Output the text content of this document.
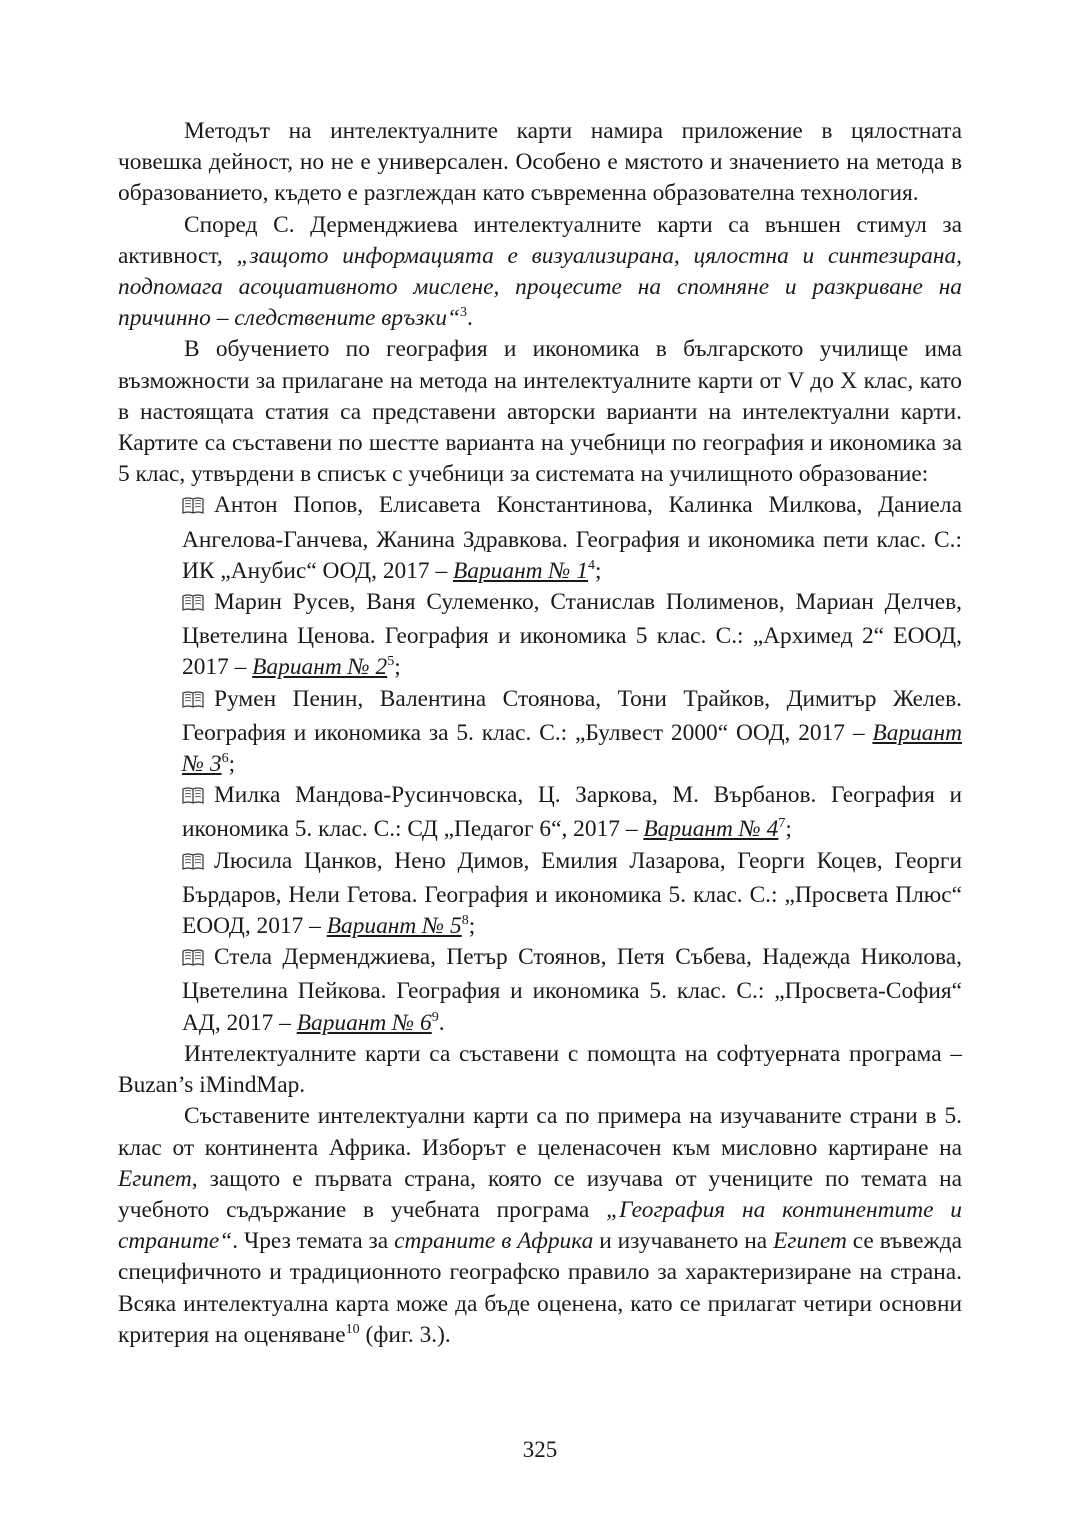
Методът на интелектуалните карти намира приложение в цялостната човешка дейност, но не е универсален. Особено е мястото и значението на метода в образованието, където е разглеждан като съвременна образователна технология.

Според С. Дерменджиева интелектуалните карти са външен стимул за активност, „защото информацията е визуализирана, цялостна и синтезирана, подпомага асоциативното мислене, процесите на спомняне и разкриване на причинно – следствените връзки“$^3$.

В обучението по география и икономика в българското училище има възможности за прилагане на метода на интелектуалните карти от V до X клас, като в настоящата статия са представени авторски варианти на интелектуални карти. Картите са съставени по шестте варианта на учебници по география и икономика за 5 клас, утвърдени в списък с учебници за системата на училищното образование:

Антон Попов, Елисавета Константинова, Калинка Милкова, Даниела Ангелова-Ганчева, Жанина Здравкова. География и икономика пети клас. С.: ИК „Анубис“ ООД, 2017 – Вариант № $1^4$;

Марин Русев, Ваня Сулеменко, Станислав Полименов, Мариан Делчев, Цветелина Ценова. География и икономика 5 клас. С.: „Архимед 2“ ЕООД, 2017 – Вариант № $2^5$;

Румен Пенин, Валентина Стоянова, Тони Трайков, Димитър Желев. География и икономика за 5. клас. С.: „Булвест 2000“ ООД, 2017 – Вариант № $3^6$;

Милка Мандова-Русинчовска, Ц. Заркова, М. Върбанов. География и икономика 5. клас. С.: СД „Педагог 6“, 2017 – Вариант № $4^7$;

Люсила Цанков, Нено Димов, Емилия Лазарова, Георги Коцев, Георги Бърдаров, Нели Гетова. География и икономика 5. клас. С.: „Просвета Плюс“ ЕООД, 2017 – Вариант № $5^8$;

Стела Дерменджиева, Петър Стоянов, Петя Събева, Надежда Николова, Цветелина Пейкова. География и икономика 5. клас. С.: „Просвета-София“ АД, 2017 – Вариант № $6^9$.

Интелектуалните карти са съставени с помощта на софтуерната програма – Buzan’s iMindMap.

Съставените интелектуални карти са по примера на изучаваните страни в 5. клас от континента Африка. Изборът е целенасочен към мисловно картиране на Египет, защото е първата страна, която се изучава от учениците по темата на учебното съдържание в учебната програма „География на континентите и страните“. Чрез темата за страните в Африка и изучаването на Египет се въвежда специфичното и традиционното географско правило за характеризиране на страна. Всяка интелектуална карта може да бъде оценена, като се прилагат четири основни критерия на оценяване$^{10}$ (фиг. 3.).

325
